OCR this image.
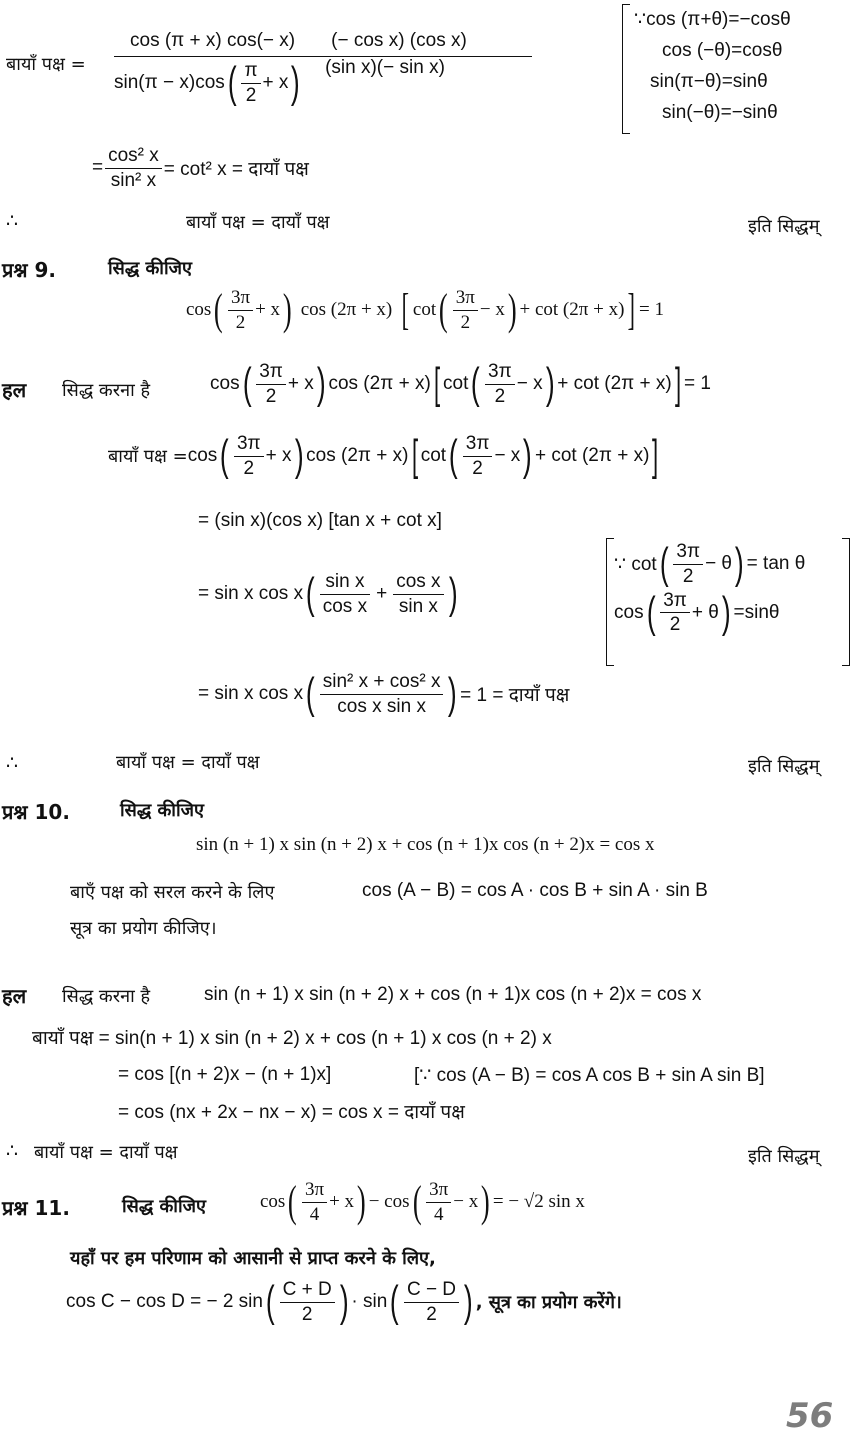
बायाँ पक्ष =
cos (π + x) cos(− x) (− cos x) (cos x)
sin(π − x)cos ( $\frac{\pi}{2} + x$ ) (sin x)(− sin x)
∵cos (π+θ)=−cosθ
cos (−θ)=cosθ
sin(π−θ)=sinθ
sin(−θ)=−sinθ
= $\frac{\text{cos² x}}{\text{sin² x}} = \cot^2$ x = दायाँ पक्ष
∴	बायाँ पक्ष = दायाँ पक्ष	इति सिद्धम्
प्रश्न 9.	सिद्ध कीजिए
cos ( $\frac{3\pi}{2} + x$ ) cos (2π + x) [ cot ( $\frac{3\pi}{2} - x$ ) + cot (2π + x) ] = 1
हल सिद्ध करना है	cos ( $\frac{3\pi}{2} + x$ ) cos (2π + x) [ cot ( $\frac{3\pi}{2} - x$ ) + cot (2π + x) ] = 1
बायाँ पक्ष = cos ( $\frac{3\pi}{2} + x$ ) cos (2π + x) [ cot ( $\frac{3\pi}{2} - x$ ) + cot (2π + x) ]
= (sin x)(cos x) [tan x + cot x]
= sin x cos x ( $\frac{\text{sin x}}{\text{cos x}} + \frac{\text{cos x}}{\text{sin x}}$ )
∵ cot ( $\frac{3\pi}{2} - \theta$ ) = tan θ
cos ( $\frac{3\pi}{2} + \theta$ ) =sinθ
= sin x cos x ( $\frac{\text{sin² x + cos² x}}{\text{cos x sin x}}$ ) = 1 = दायाँ पक्ष
∴	बायाँ पक्ष = दायाँ पक्ष	इति सिद्धम्
प्रश्न 10.	सिद्ध कीजिए
sin (n + 1) x sin (n + 2) x + cos (n + 1)x cos (n + 2)x = cos x
बाएँ पक्ष को सरल करने के लिए	cos (A − B) = cos A · cos B + sin A · sin B
सूत्र का प्रयोग कीजिए।
हल सिद्ध करना है	sin (n + 1) x sin (n + 2) x + cos (n + 1)x cos (n + 2)x = cos x
बायाँ पक्ष = sin(n + 1) x sin (n + 2) x + cos (n + 1) x cos (n + 2) x
= cos [(n + 2)x − (n + 1)x]	[∵ cos (A − B) = cos A cos B + sin A sin B]
= cos (nx + 2x − nx − x) = cos x = दायाँ पक्ष
∴ बायाँ पक्ष = दायाँ पक्ष	इति सिद्धम्
प्रश्न 11.	सिद्ध कीजिए	cos ( $\frac{3\pi}{4} + x$ ) − cos ( $\frac{3\pi}{4} - x$ ) = − √2 sin x
यहाँ पर हम परिणाम को आसानी से प्राप्त करने के लिए,
cos C − cos D = − 2 sin ( $\frac{C + D}{2}$ ) · sin ( $\frac{C - D}{2}$ ) , सूत्र का प्रयोग करेंगे।
56
